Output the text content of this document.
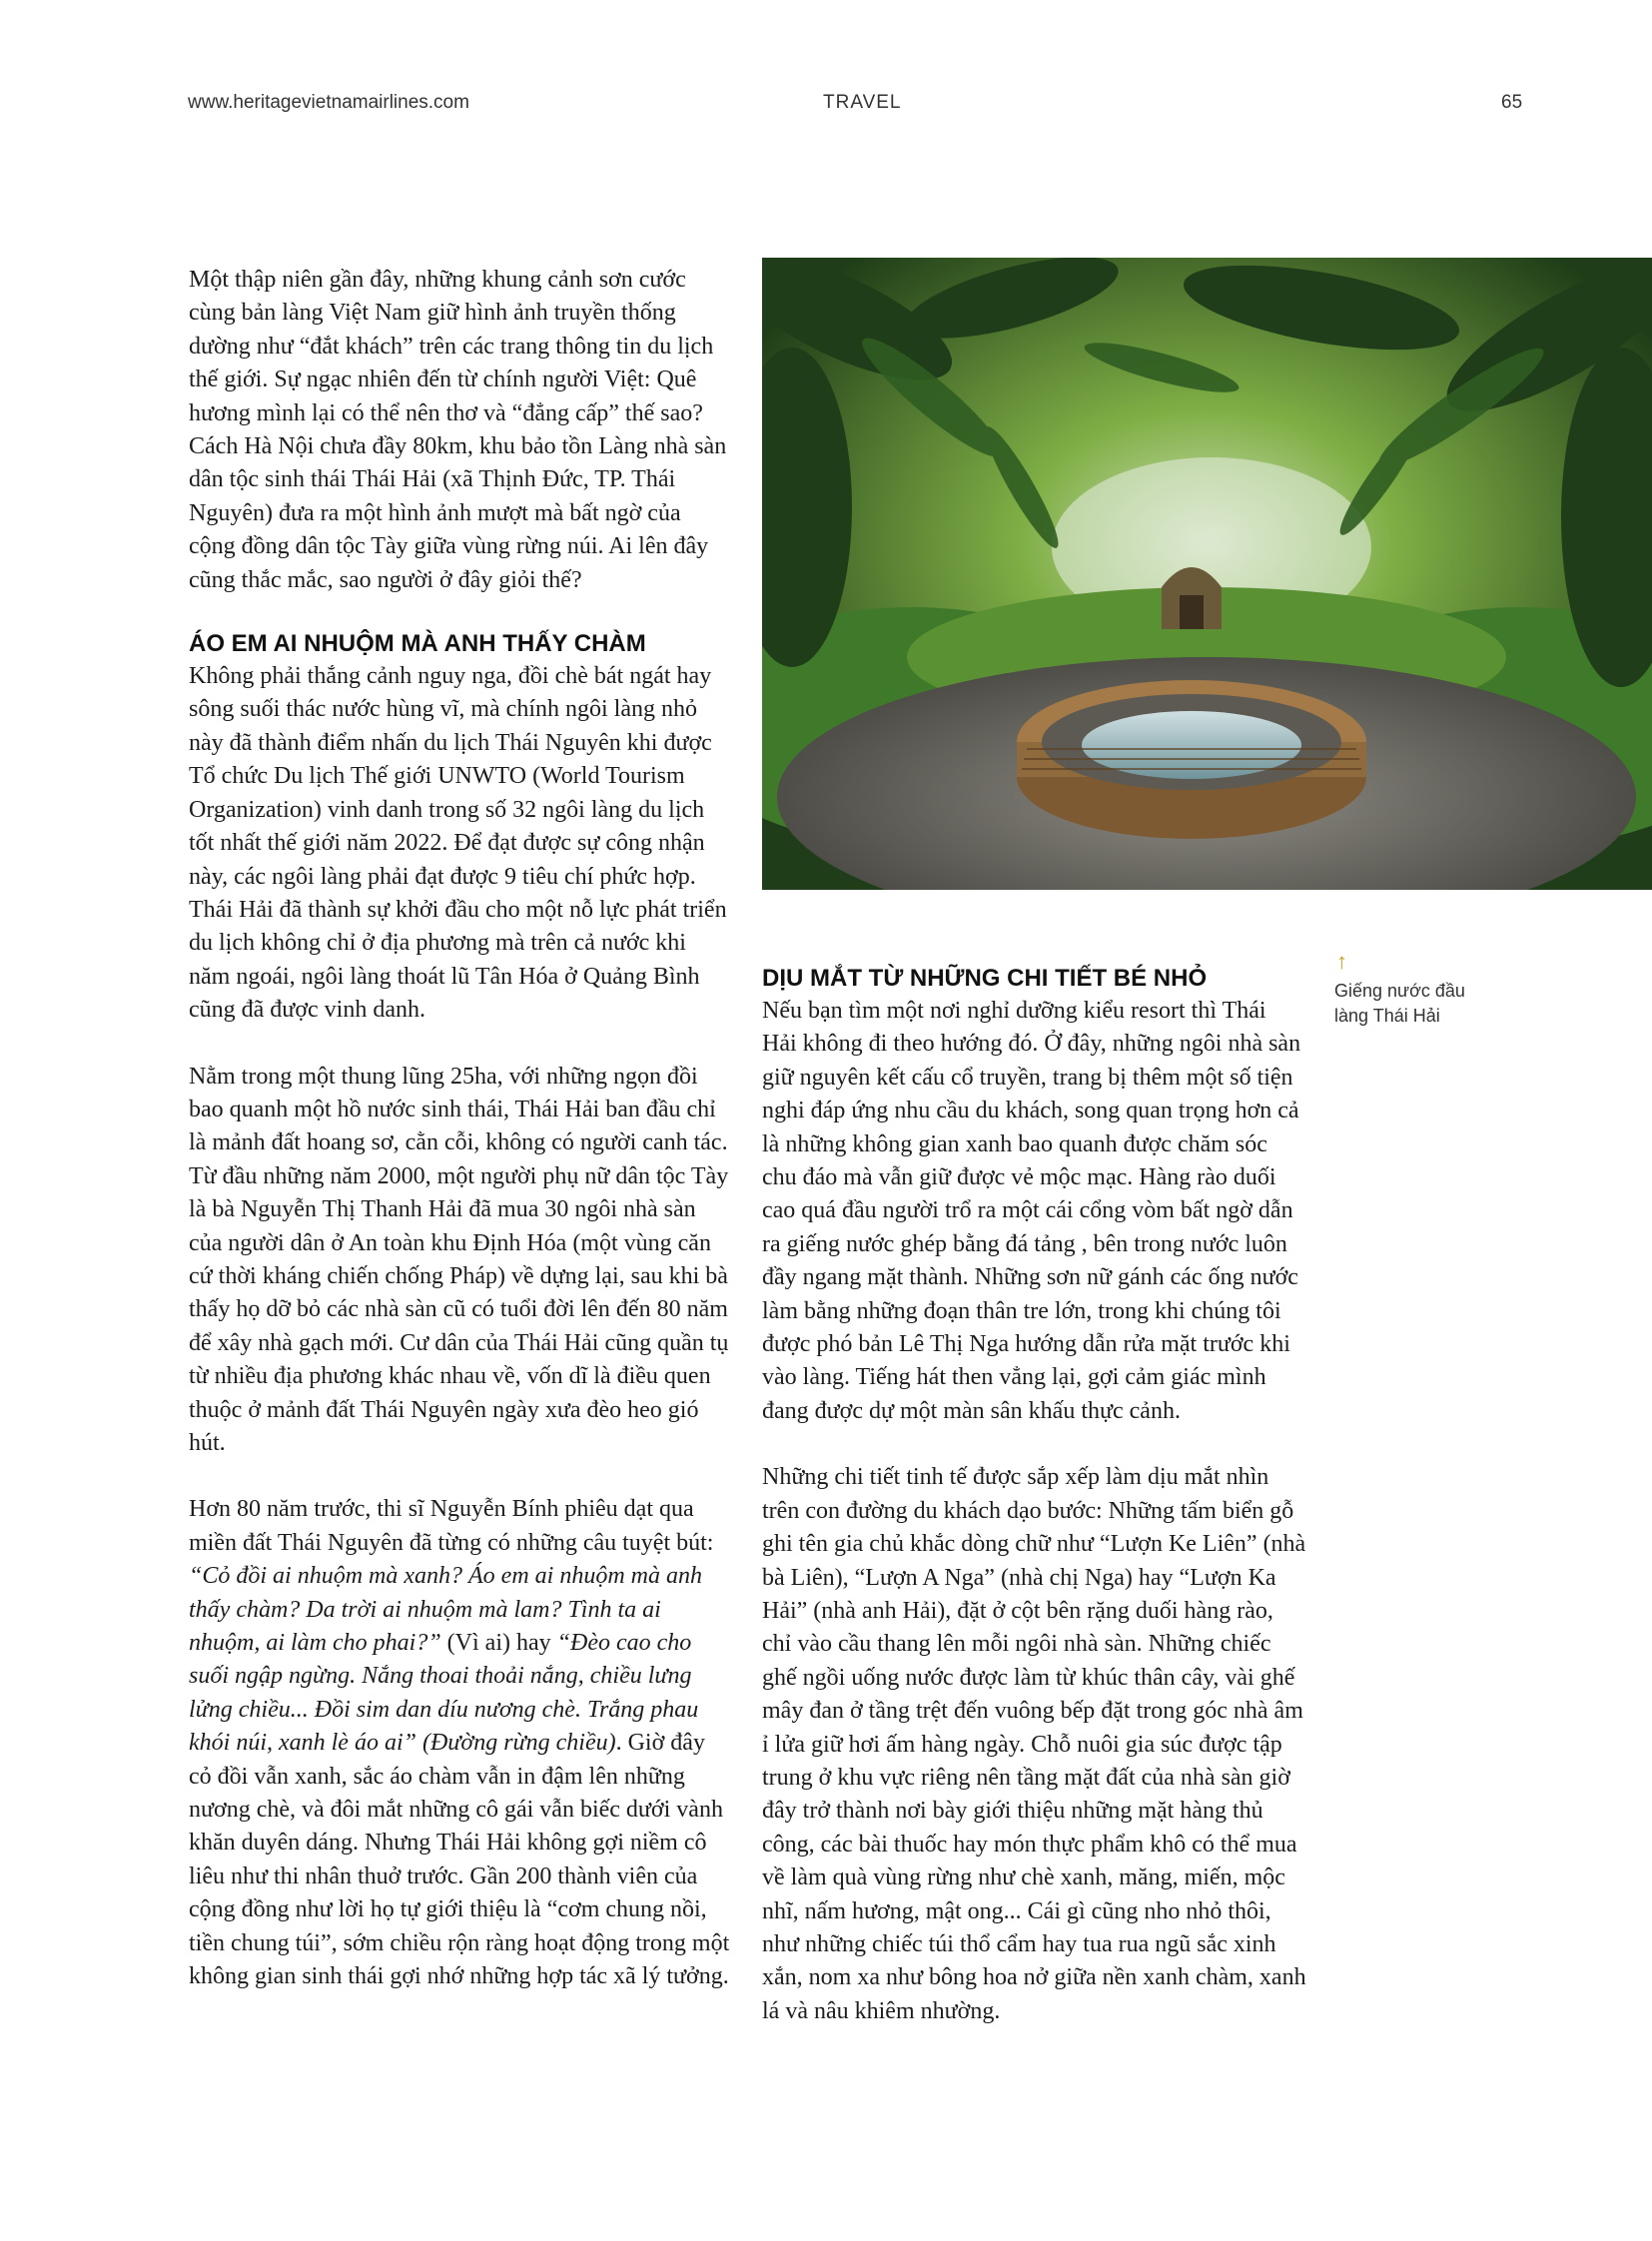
www.heritagevietnamairlines.com	TRAVEL	65

Một thập niên gần đây, những khung cảnh sơn cước cùng bản làng Việt Nam giữ hình ảnh truyền thống dường như “đắt khách” trên các trang thông tin du lịch thế giới. Sự ngạc nhiên đến từ chính người Việt: Quê hương mình lại có thể nên thơ và “đẳng cấp” thế sao? Cách Hà Nội chưa đầy 80km, khu bảo tồn Làng nhà sàn dân tộc sinh thái Thái Hải (xã Thịnh Đức, TP. Thái Nguyên) đưa ra một hình ảnh mượt mà bất ngờ của cộng đồng dân tộc Tày giữa vùng rừng núi. Ai lên đây cũng thắc mắc, sao người ở đây giỏi thế?

ÁO EM AI NHUỘM MÀ ANH THẤY CHÀM

Không phải thắng cảnh nguy nga, đồi chè bát ngát hay sông suối thác nước hùng vĩ, mà chính ngôi làng nhỏ này đã thành điểm nhấn du lịch Thái Nguyên khi được Tổ chức Du lịch Thế giới UNWTO (World Tourism Organization) vinh danh trong số 32 ngôi làng du lịch tốt nhất thế giới năm 2022. Để đạt được sự công nhận này, các ngôi làng phải đạt được 9 tiêu chí phức hợp. Thái Hải đã thành sự khởi đầu cho một nỗ lực phát triển du lịch không chỉ ở địa phương mà trên cả nước khi năm ngoái, ngôi làng thoát lũ Tân Hóa ở Quảng Bình cũng đã được vinh danh.

Nằm trong một thung lũng 25ha, với những ngọn đồi bao quanh một hồ nước sinh thái, Thái Hải ban đầu chỉ là mảnh đất hoang sơ, cằn cỗi, không có người canh tác. Từ đầu những năm 2000, một người phụ nữ dân tộc Tày là bà Nguyễn Thị Thanh Hải đã mua 30 ngôi nhà sàn của người dân ở An toàn khu Định Hóa (một vùng căn cứ thời kháng chiến chống Pháp) về dựng lại, sau khi bà thấy họ dỡ bỏ các nhà sàn cũ có tuổi đời lên đến 80 năm để xây nhà gạch mới. Cư dân của Thái Hải cũng quần tụ từ nhiều địa phương khác nhau về, vốn dĩ là điều quen thuộc ở mảnh đất Thái Nguyên ngày xưa đèo heo gió hút.

Hơn 80 năm trước, thi sĩ Nguyễn Bính phiêu dạt qua miền đất Thái Nguyên đã từng có những câu tuyệt bút: “Cỏ đồi ai nhuộm mà xanh? Áo em ai nhuộm mà anh thấy chàm? Da trời ai nhuộm mà lam? Tình ta ai nhuộm, ai làm cho phai?” (Vì ai) hay “Đèo cao cho suối ngập ngừng. Nắng thoai thoải nắng, chiều lưng lửng chiều... Đồi sim dan díu nương chè. Trắng phau khói núi, xanh lè áo ai” (Đường rừng chiều). Giờ đây cỏ đồi vẫn xanh, sắc áo chàm vẫn in đậm lên những nương chè, và đôi mắt những cô gái vẫn biếc dưới vành khăn duyên dáng. Nhưng Thái Hải không gợi niềm cô liêu như thi nhân thuở trước. Gần 200 thành viên của cộng đồng như lời họ tự giới thiệu là “cơm chung nồi, tiền chung túi”, sớm chiều rộn ràng hoạt động trong một không gian sinh thái gợi nhớ những hợp tác xã lý tưởng.

↑
Giếng nước đầu làng Thái Hải
DỊU MẮT TỪ NHỮNG CHI TIẾT BÉ NHỎ

Nếu bạn tìm một nơi nghỉ dưỡng kiểu resort thì Thái Hải không đi theo hướng đó. Ở đây, những ngôi nhà sàn giữ nguyên kết cấu cổ truyền, trang bị thêm một số tiện nghi đáp ứng nhu cầu du khách, song quan trọng hơn cả là những không gian xanh bao quanh được chăm sóc chu đáo mà vẫn giữ được vẻ mộc mạc. Hàng rào duối cao quá đầu người trổ ra một cái cổng vòm bất ngờ dẫn ra giếng nước ghép bằng đá tảng , bên trong nước luôn đầy ngang mặt thành. Những sơn nữ gánh các ống nước làm bằng những đoạn thân tre lớn, trong khi chúng tôi được phó bản Lê Thị Nga hướng dẫn rửa mặt trước khi vào làng. Tiếng hát then vẳng lại, gợi cảm giác mình đang được dự một màn sân khấu thực cảnh.

Những chi tiết tinh tế được sắp xếp làm dịu mắt nhìn trên con đường du khách dạo bước: Những tấm biển gỗ ghi tên gia chủ khắc dòng chữ như “Lượn Ke Liên” (nhà bà Liên), “Lượn A Nga” (nhà chị Nga) hay “Lượn Ka Hải” (nhà anh Hải), đặt ở cột bên rặng duối hàng rào, chỉ vào cầu thang lên mỗi ngôi nhà sàn. Những chiếc ghế ngồi uống nước được làm từ khúc thân cây, vài ghế mây đan ở tầng trệt đến vuông bếp đặt trong góc nhà âm ỉ lửa giữ hơi ấm hàng ngày. Chỗ nuôi gia súc được tập trung ở khu vực riêng nên tầng mặt đất của nhà sàn giờ đây trở thành nơi bày giới thiệu những mặt hàng thủ công, các bài thuốc hay món thực phẩm khô có thể mua về làm quà vùng rừng như chè xanh, măng, miến, mộc nhĩ, nấm hương, mật ong... Cái gì cũng nho nhỏ thôi, như những chiếc túi thổ cẩm hay tua rua ngũ sắc xinh xắn, nom xa như bông hoa nở giữa nền xanh chàm, xanh lá và nâu khiêm nhường.
